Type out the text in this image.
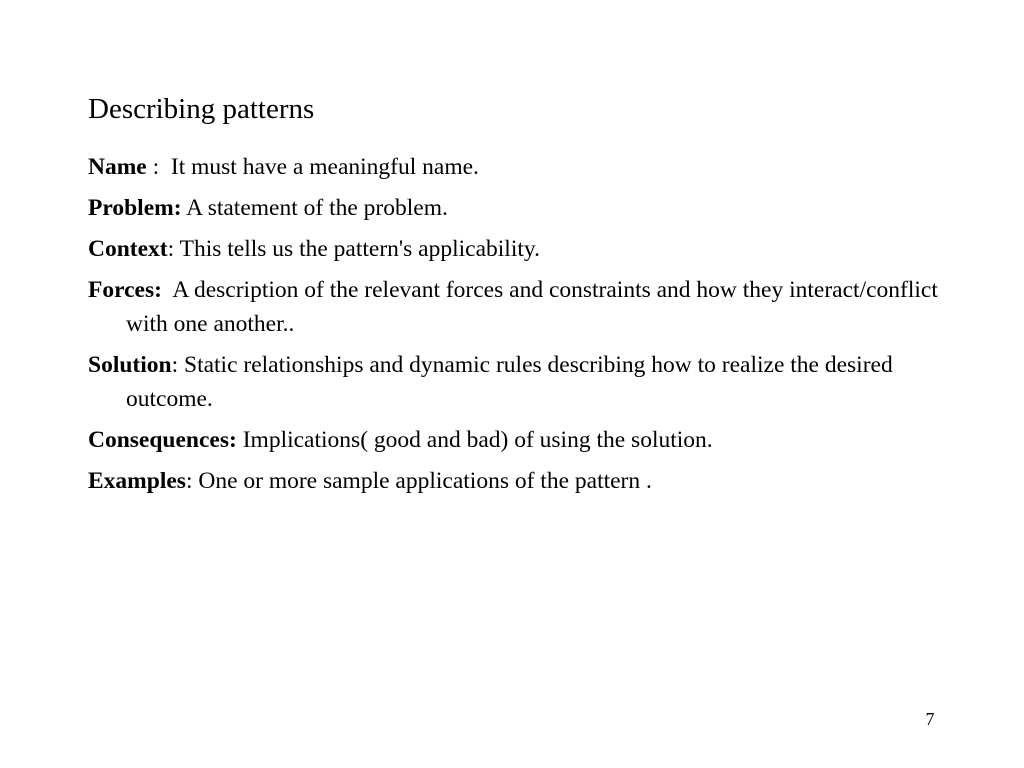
Describing patterns
Name :  It must have a meaningful name.
Problem: A statement of the problem.
Context: This tells us the pattern's applicability.
Forces: A description of the relevant forces and constraints and how they interact/conflict with one another..
Solution: Static relationships and dynamic rules describing how to realize the desired outcome.
Consequences: Implications( good and bad) of using the solution.
Examples: One or more sample applications of the pattern .
7
